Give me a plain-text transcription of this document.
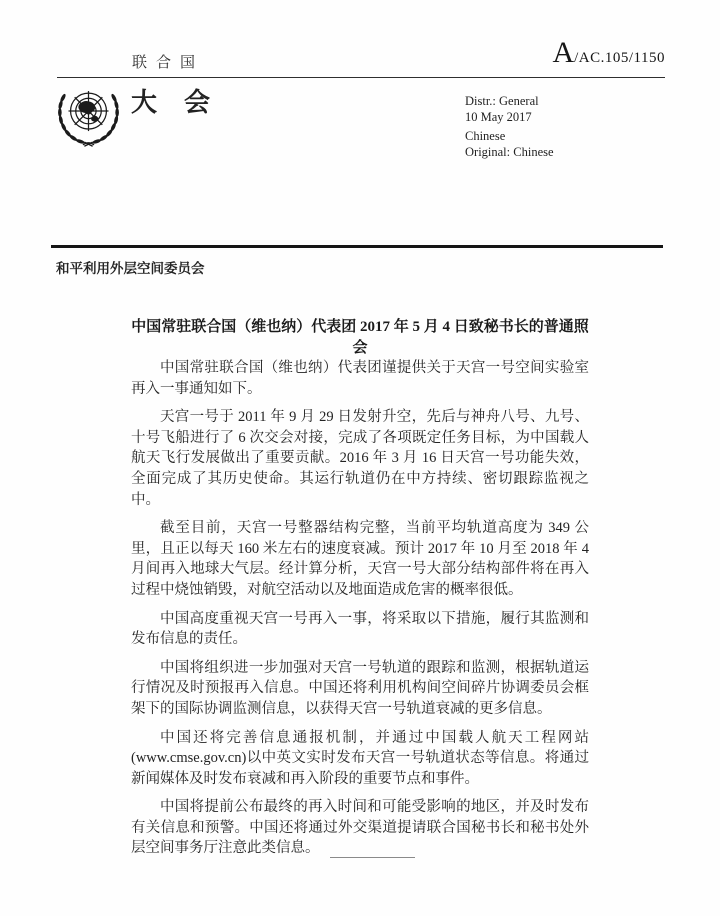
联合国	A /AC.105/1150
大会	Distr.: General
10 May 2017
Chinese
Original: Chinese
和平利用外层空间委员会
中国常驻联合国（维也纳）代表团 2017 年 5 月 4 日致秘书长的普通照会

中国常驻联合国（维也纳）代表团谨提供关于天宫一号空间实验室再入一事通知如下。

天宫一号于 2011 年 9 月 29 日发射升空，先后与神舟八号、九号、十号飞船进行了 6 次交会对接，完成了各项既定任务目标，为中国载人航天飞行发展做出了重要贡献。2016 年 3 月 16 日天宫一号功能失效，全面完成了其历史使命。其运行轨道仍在中方持续、密切跟踪监视之中。

截至目前，天宫一号整器结构完整，当前平均轨道高度为 349 公里，且正以每天 160 米左右的速度衰减。预计 2017 年 10 月至 2018 年 4 月间再入地球大气层。经计算分析，天宫一号大部分结构部件将在再入过程中烧蚀销毁，对航空活动以及地面造成危害的概率很低。

中国高度重视天宫一号再入一事，将采取以下措施，履行其监测和发布信息的责任。

中国将组织进一步加强对天宫一号轨道的跟踪和监测，根据轨道运行情况及时预报再入信息。中国还将利用机构间空间碎片协调委员会框架下的国际协调监测信息，以获得天宫一号轨道衰减的更多信息。

中国还将完善信息通报机制，并通过中国载人航天工程网站(www.cmse.gov.cn)以中英文实时发布天宫一号轨道状态等信息。将通过新闻媒体及时发布衰减和再入阶段的重要节点和事件。

中国将提前公布最终的再入时间和可能受影响的地区，并及时发布有关信息和预警。中国还将通过外交渠道提请联合国秘书长和秘书处外层空间事务厅注意此类信息。
